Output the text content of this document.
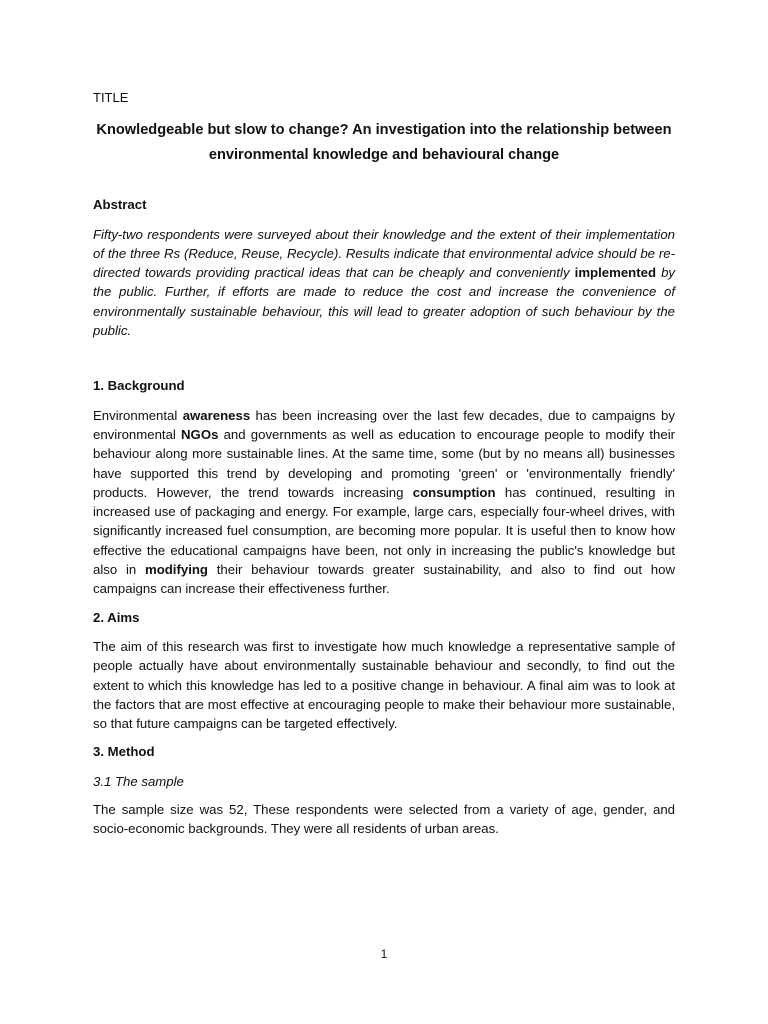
TITLE
Knowledgeable but slow to change? An investigation into the relationship between environmental knowledge and behavioural change
Abstract
Fifty-two respondents were surveyed about their knowledge and the extent of their implementation of the three Rs (Reduce, Reuse, Recycle). Results indicate that environmental advice should be re-directed towards providing practical ideas that can be cheaply and conveniently implemented by the public. Further, if efforts are made to reduce the cost and increase the convenience of environmentally sustainable behaviour, this will lead to greater adoption of such behaviour by the public.
1. Background
Environmental awareness has been increasing over the last few decades, due to campaigns by environmental NGOs and governments as well as education to encourage people to modify their behaviour along more sustainable lines. At the same time, some (but by no means all) businesses have supported this trend by developing and promoting 'green' or 'environmentally friendly' products. However, the trend towards increasing consumption has continued, resulting in increased use of packaging and energy. For example, large cars, especially four-wheel drives, with significantly increased fuel consumption, are becoming more popular. It is useful then to know how effective the educational campaigns have been, not only in increasing the public's knowledge but also in modifying their behaviour towards greater sustainability, and also to find out how campaigns can increase their effectiveness further.
2. Aims
The aim of this research was first to investigate how much knowledge a representative sample of people actually have about environmentally sustainable behaviour and secondly, to find out the extent to which this knowledge has led to a positive change in behaviour. A final aim was to look at the factors that are most effective at encouraging people to make their behaviour more sustainable, so that future campaigns can be targeted effectively.
3. Method
3.1 The sample
The sample size was 52, These respondents were selected from a variety of age, gender, and socio-economic backgrounds. They were all residents of urban areas.
1
